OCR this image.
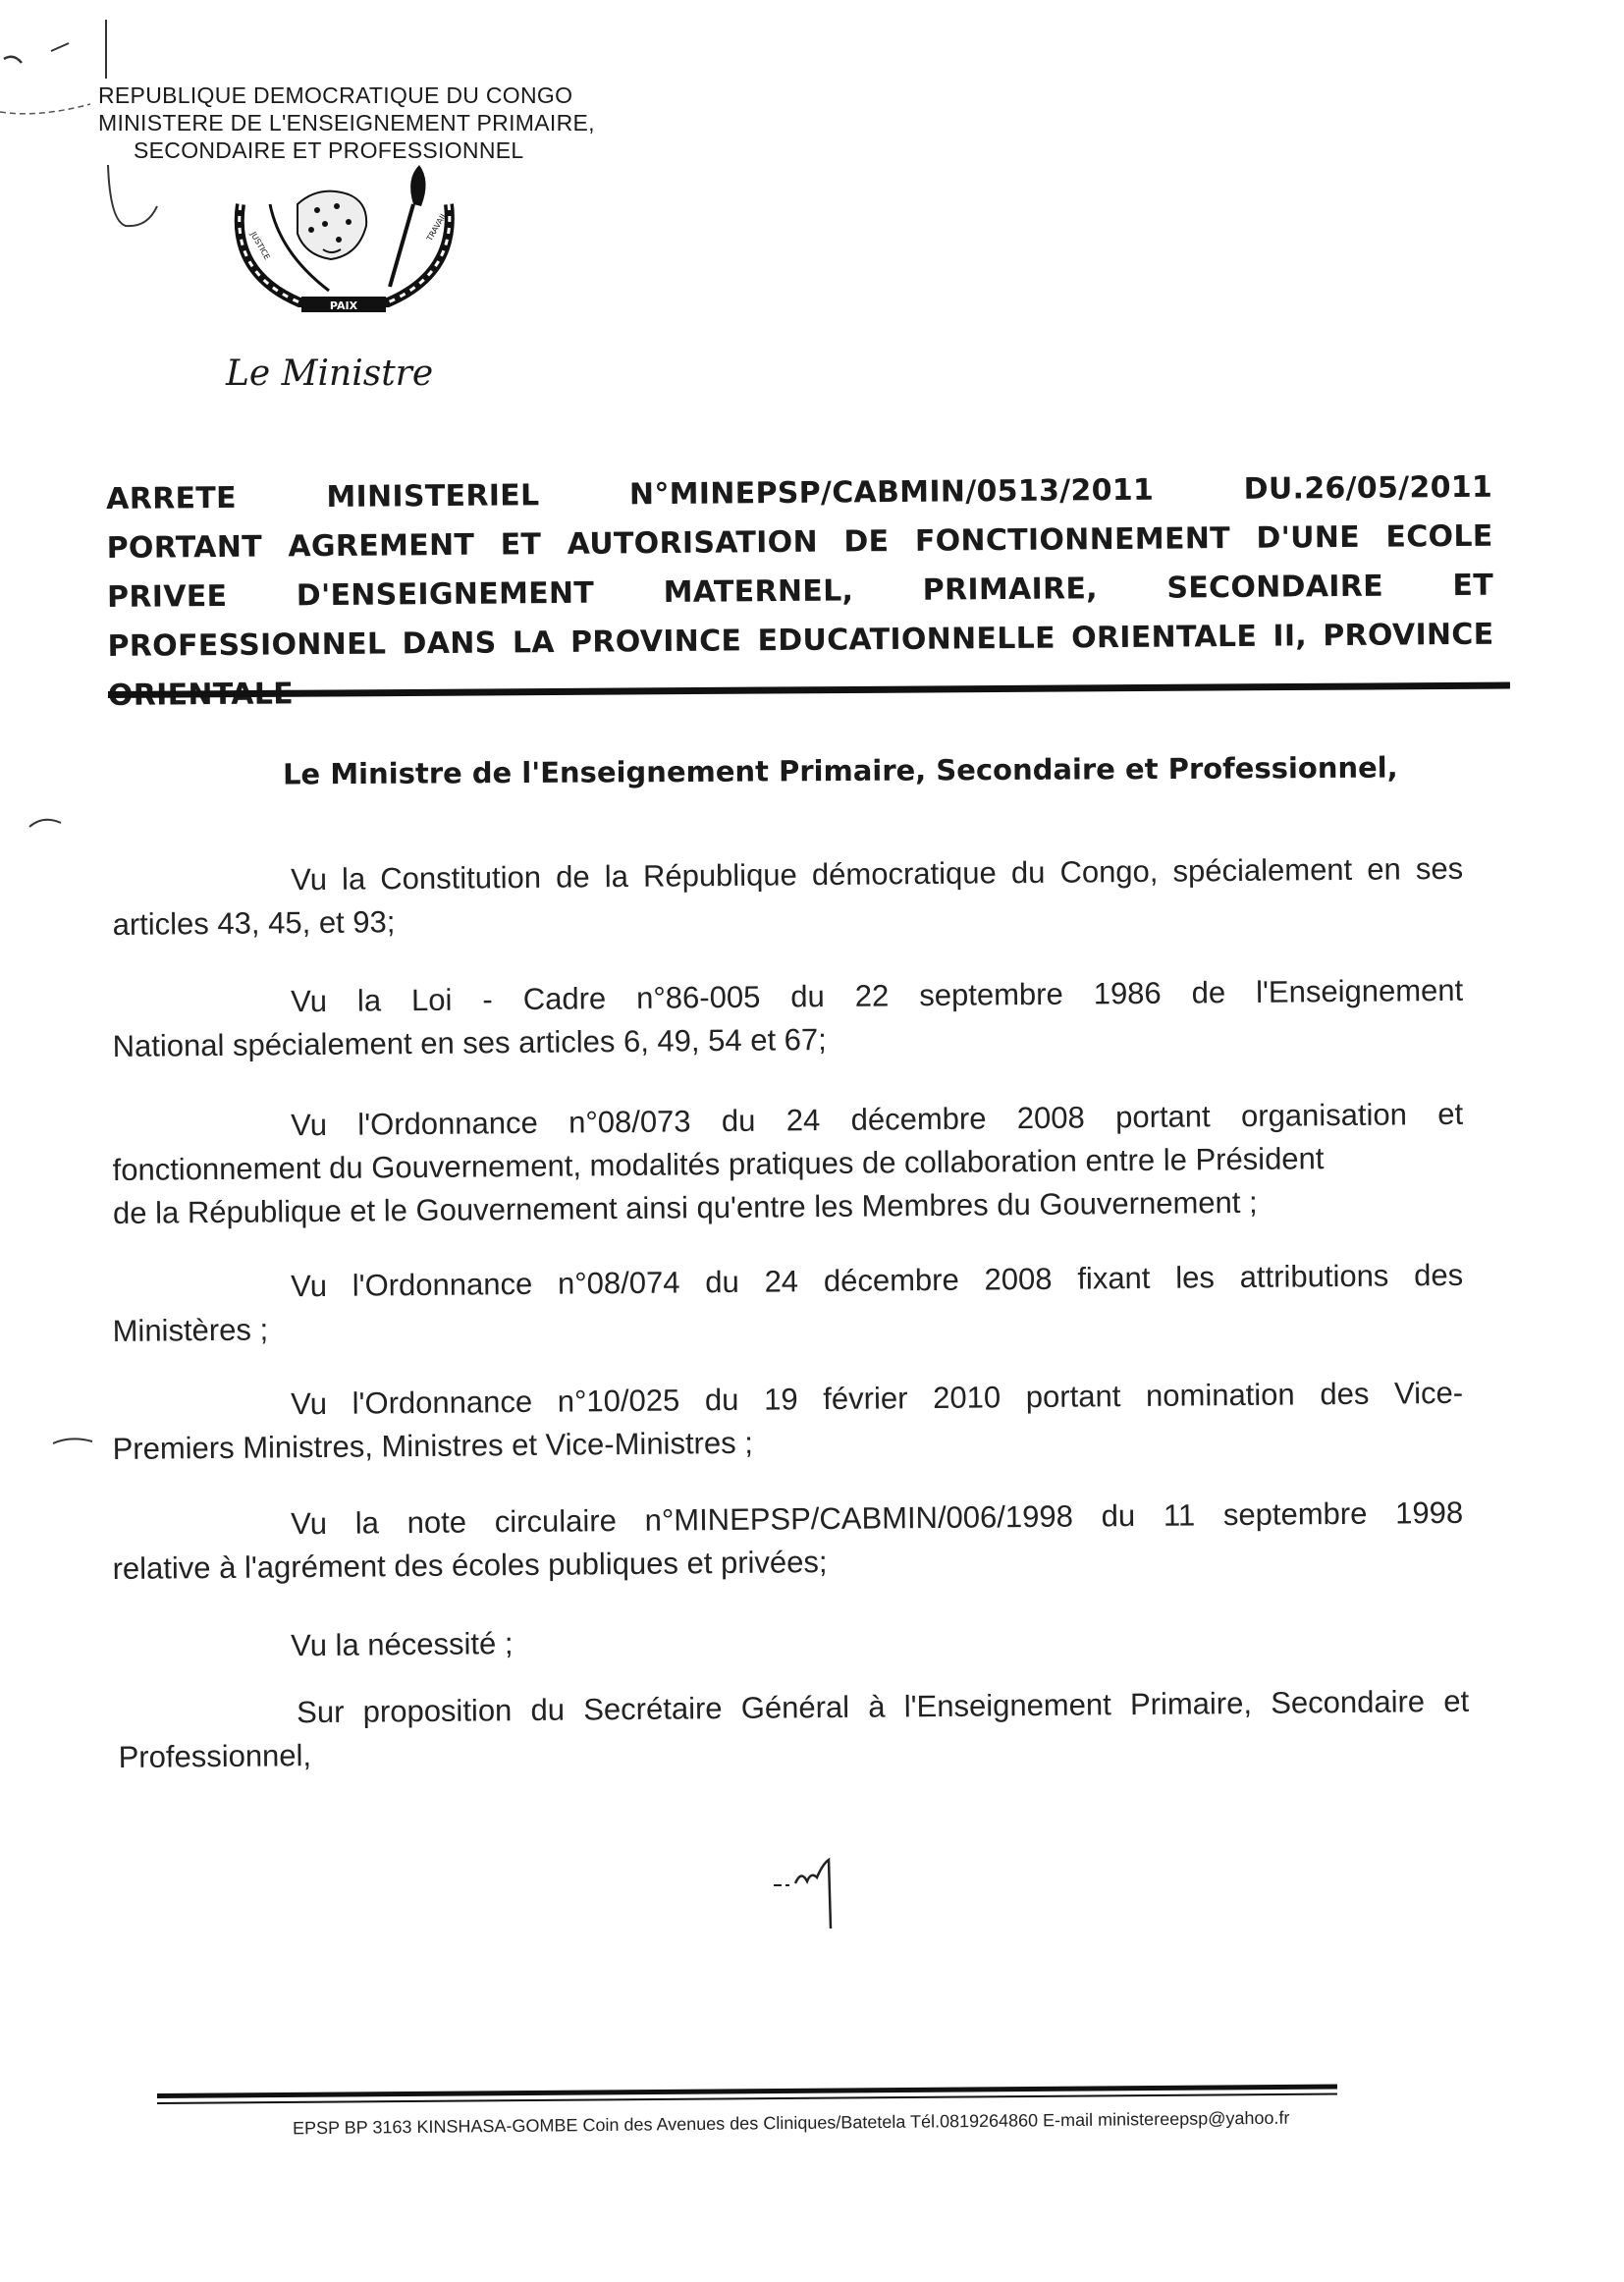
REPUBLIQUE DEMOCRATIQUE DU CONGO
MINISTERE DE L'ENSEIGNEMENT PRIMAIRE,
SECONDAIRE ET PROFESSIONNEL
PAIX
JUSTICE
TRAVAIL
Le Ministre
ARRETE MINISTERIEL N°MINEPSP/CABMIN/0513/2011 DU.26/05/2011
PORTANT AGREMENT ET AUTORISATION DE FONCTIONNEMENT D'UNE ECOLE
PRIVEE D'ENSEIGNEMENT MATERNEL, PRIMAIRE, SECONDAIRE ET
PROFESSIONNEL DANS LA PROVINCE EDUCATIONNELLE ORIENTALE II, PROVINCE
Le Ministre de l'Enseignement Primaire, Secondaire et Professionnel,
Vu la Constitution de la République démocratique du Congo, spécialement en ses
articles 43, 45, et 93;
Vu la Loi - Cadre n°86-005 du 22 septembre 1986 de l'Enseignement
National spécialement en ses articles 6, 49, 54 et 67;
Vu l'Ordonnance n°08/073 du 24 décembre 2008 portant organisation et
fonctionnement du Gouvernement, modalités pratiques de collaboration entre le Président
de la République et le Gouvernement ainsi qu'entre les Membres du Gouvernement ;
Vu l'Ordonnance n°08/074 du 24 décembre 2008 fixant les attributions des
Ministères ;
Vu l'Ordonnance n°10/025 du 19 février 2010 portant nomination des Vice-
Premiers Ministres, Ministres et Vice-Ministres ;
Vu la note circulaire n°MINEPSP/CABMIN/006/1998 du 11 septembre 1998
relative à l'agrément des écoles publiques et privées;
Vu la nécessité ;
Sur proposition du Secrétaire Général à l'Enseignement Primaire, Secondaire et
Professionnel,
EPSP BP 3163 KINSHASA-GOMBE Coin des Avenues des Cliniques/Batetela Tél.0819264860 E-mail ministereepsp@yahoo.fr
